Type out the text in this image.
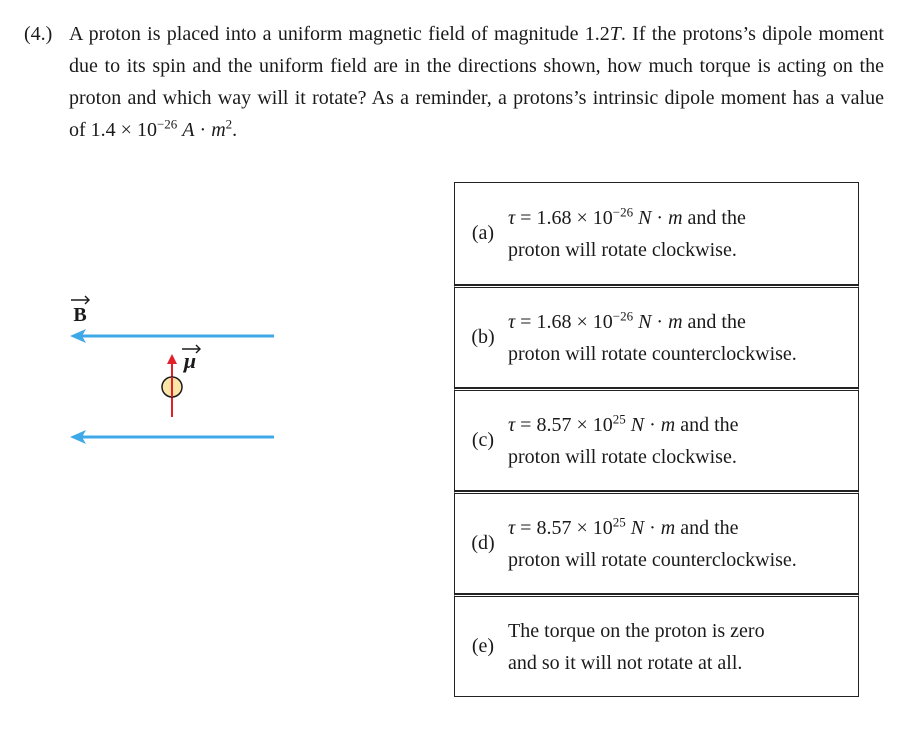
(4.) A proton is placed into a uniform magnetic field of magnitude 1.2T. If the protons’s dipole moment due to its spin and the uniform field are in the directions shown, how much torque is acting on the proton and which way will it rotate? As a reminder, a protons’s intrinsic dipole moment has a value of $1.4 \times 10^{-26}$ $A \cdot m^2$.
B
μ
(a)
$\tau = 1.68 \times 10^{-26}$ N · m and the
proton will rotate clockwise.
(b)
$\tau = 1.68 \times 10^{-26}$ N · m and the
proton will rotate counterclockwise.
(c)
$\tau = 8.57 \times 10^{25}$ N · m and the
proton will rotate clockwise.
(d)
$\tau = 8.57 \times 10^{25}$ N · m and the
proton will rotate counterclockwise.
(e)
The torque on the proton is zero
and so it will not rotate at all.
